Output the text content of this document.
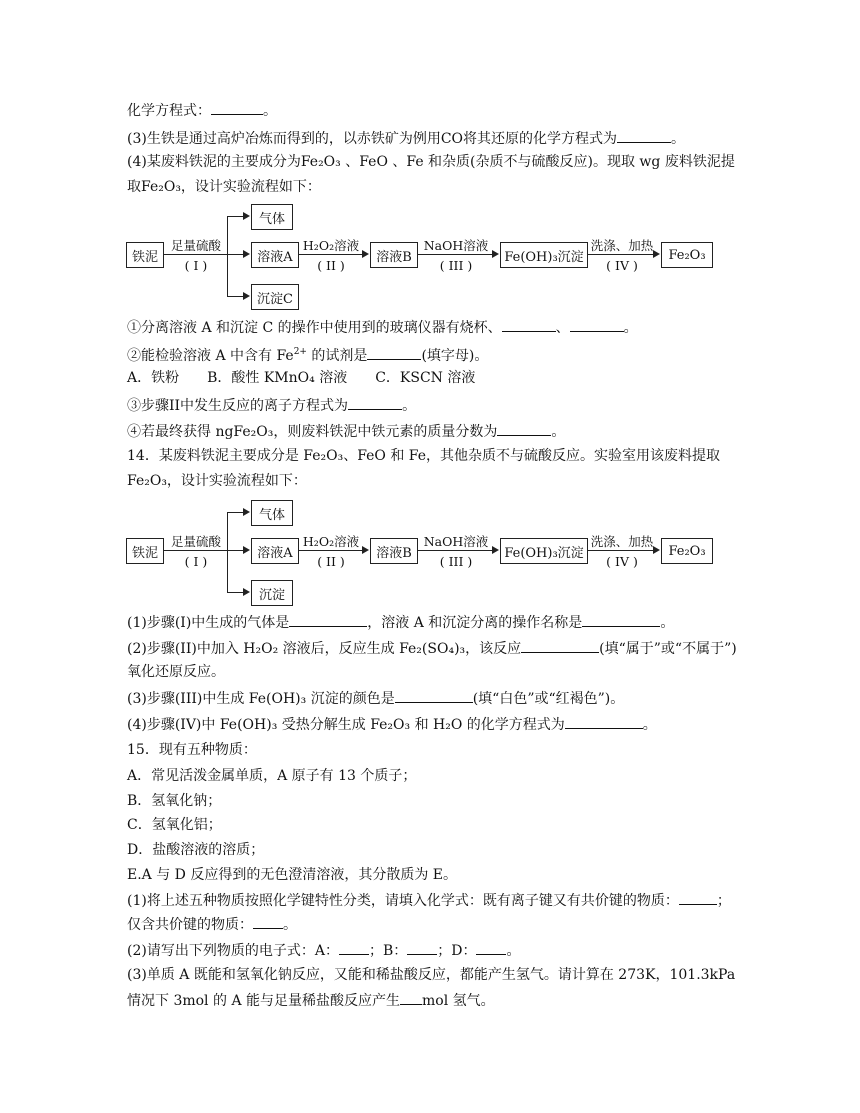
化学方程式：	。
(3)生铁是通过高炉冶炼而得到的，以赤铁矿为例用CO将其还原的化学方程式为	。
(4)某废料铁泥的主要成分为Fe₂O₃ 、FeO 、Fe 和杂质(杂质不与硫酸反应)。现取 wg 废料铁泥提
取Fe₂O₃，设计实验流程如下：
铁泥
足量硫酸
( I )
气体
溶液A
沉淀C
H₂O₂溶液
( II )
溶液B
NaOH溶液
( III )
Fe(OH)₃沉淀
洗涤、加热
( IV )
Fe₂O₃
①分离溶液 A 和沉淀 C 的操作中使用到的玻璃仪器有烧杯、	、	。
②能检验溶液 A 中含有 $Fe^{2+}$ 的试剂是	(填字母)。
A．铁粉　　B．酸性 KMnO₄ 溶液　　C．KSCN 溶液
③步骤II中发生反应的离子方程式为	。
④若最终获得 ngFe₂O₃，则废料铁泥中铁元素的质量分数为	。
14．某废料铁泥主要成分是 Fe₂O₃、FeO 和 Fe，其他杂质不与硫酸反应。实验室用该废料提取
Fe₂O₃，设计实验流程如下：
铁泥
足量硫酸
( I )
气体
溶液A
沉淀
H₂O₂溶液
( II )
溶液B
NaOH溶液
( III )
Fe(OH)₃沉淀
洗涤、加热
( IV )
Fe₂O₃
(1)步骤(I)中生成的气体是	，溶液 A 和沉淀分离的操作名称是	。
(2)步骤(II)中加入 H₂O₂ 溶液后，反应生成 Fe₂(SO₄)₃，该反应	(填“属于”或“不属于”)
氧化还原反应。
(3)步骤(III)中生成 Fe(OH)₃ 沉淀的颜色是	(填“白色”或“红褐色”)。
(4)步骤(IV)中 Fe(OH)₃ 受热分解生成 Fe₂O₃ 和 H₂O 的化学方程式为	。
15．现有五种物质：
A．常见活泼金属单质，A 原子有 13 个质子；
B．氢氧化钠；
C．氢氧化铝；
D．盐酸溶液的溶质；
E.A 与 D 反应得到的无色澄清溶液，其分散质为 E。
(1)将上述五种物质按照化学键特性分类，请填入化学式：既有离子键又有共价键的物质：	；
仅含共价键的物质： 。
(2)请写出下列物质的电子式：A： ；B： ；D： 。
(3)单质 A 既能和氢氧化钠反应，又能和稀盐酸反应，都能产生氢气。请计算在 273K，101.3kPa
情况下 3mol 的 A 能与足量稀盐酸反应产生 mol 氢气。
